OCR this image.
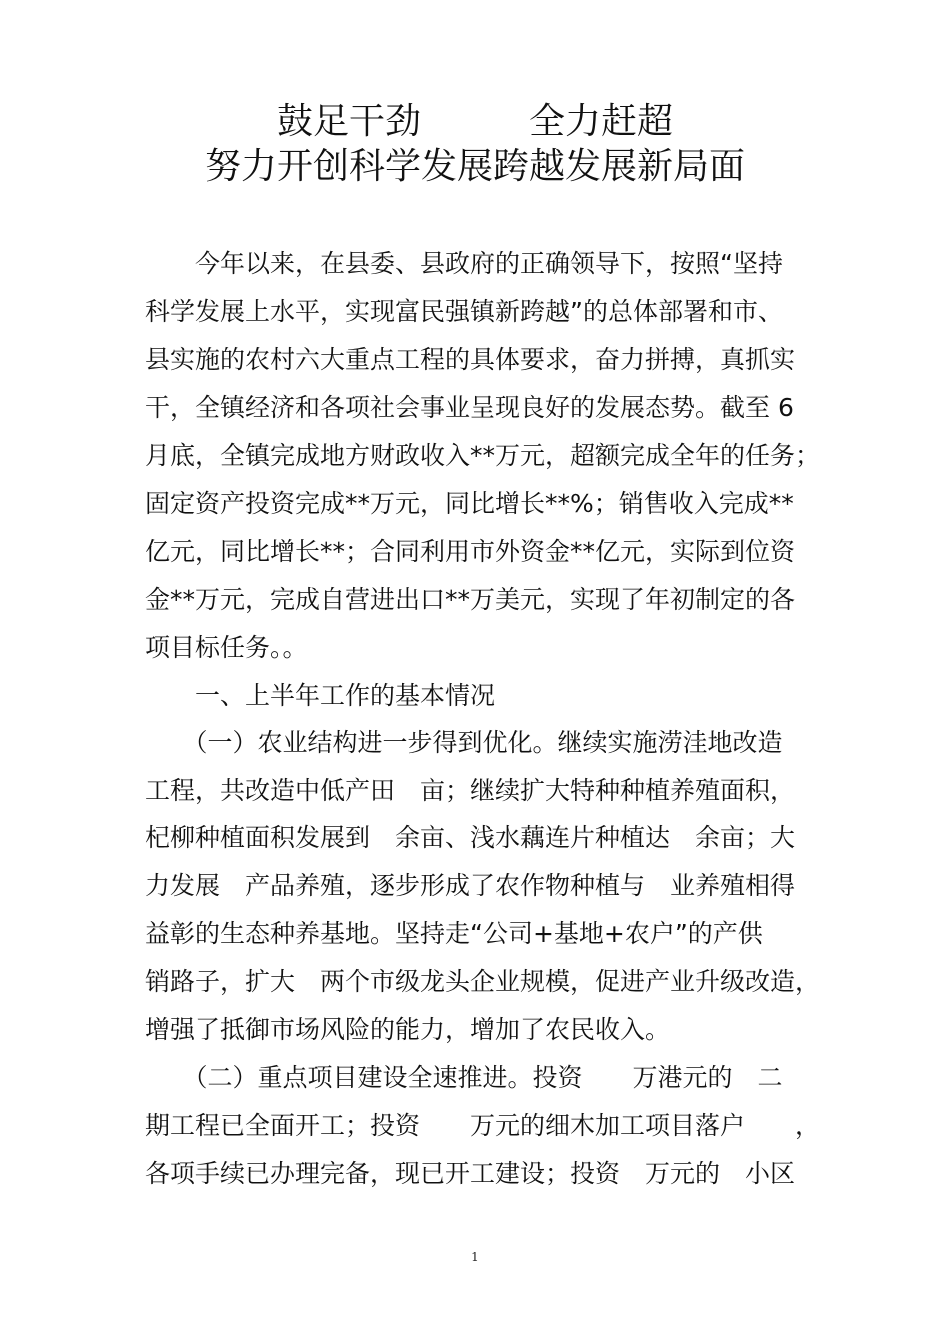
鼓足干劲　　　全力赶超
努力开创科学发展跨越发展新局面
　　今年以来，在县委、县政府的正确领导下，按照“坚持
科学发展上水平，实现富民强镇新跨越”的总体部署和市、
县实施的农村六大重点工程的具体要求，奋力拼搏，真抓实
干，全镇经济和各项社会事业呈现良好的发展态势。截至 6
月底，全镇完成地方财政收入**万元，超额完成全年的任务；
固定资产投资完成**万元，同比增长**%；销售收入完成**
亿元，同比增长**；合同利用市外资金**亿元，实际到位资
金**万元，完成自营进出口**万美元，实现了年初制定的各
项目标任务。。
　　一、上半年工作的基本情况
　　（一）农业结构进一步得到优化。继续实施涝洼地改造
工程，共改造中低产田　亩；继续扩大特种种植养殖面积，
杞柳种植面积发展到　余亩、浅水藕连片种植达　余亩；大
力发展　产品养殖，逐步形成了农作物种植与　业养殖相得
益彰的生态种养基地。坚持走“公司+基地+农户”的产供
销路子，扩大　两个市级龙头企业规模，促进产业升级改造，
增强了抵御市场风险的能力，增加了农民收入。
　　（二）重点项目建设全速推进。投资　　万港元的　二
期工程已全面开工；投资　　万元的细木加工项目落户　　，
各项手续已办理完备，现已开工建设；投资　万元的　小区
1
